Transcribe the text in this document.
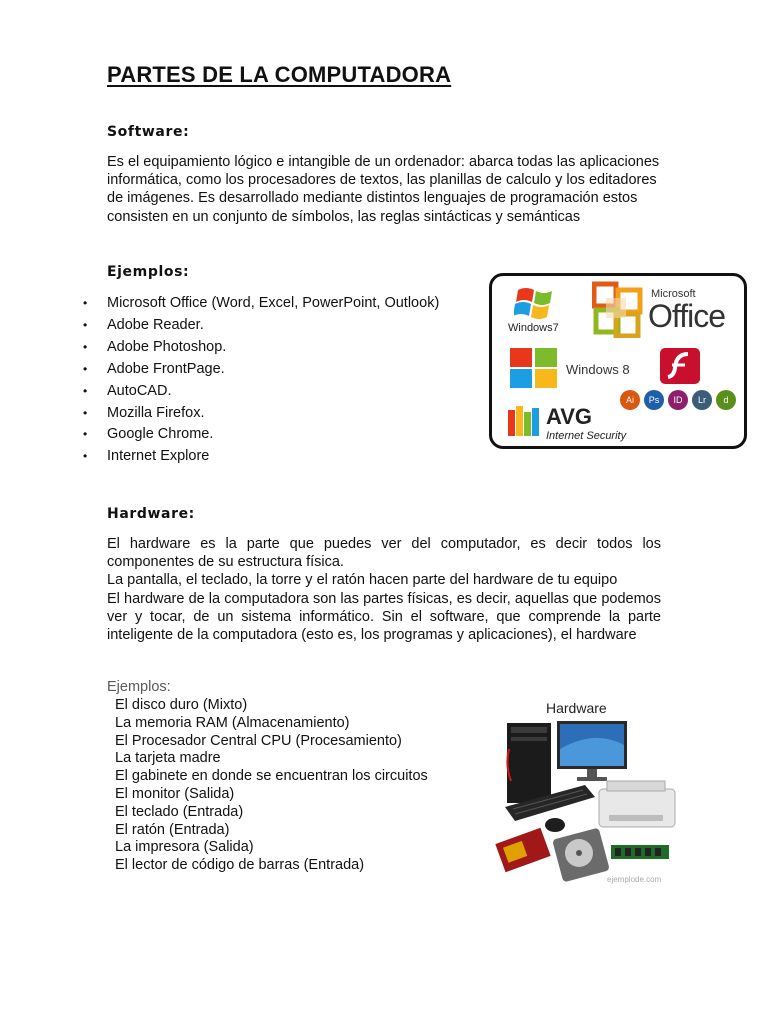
PARTES DE LA COMPUTADORA
Software:

Es el equipamiento lógico e intangible de un ordenador: abarca todas las aplicaciones informática, como los procesadores de textos, las planillas de calculo y los editadores de imágenes. Es desarrollado mediante distintos lenguajes de programación estos consisten en un conjunto de símbolos, las reglas sintácticas y semánticas

Ejemplos:
• Microsoft Office (Word, Excel, PowerPoint, Outlook)
• Adobe Reader.
• Adobe Photoshop.
• Adobe FrontPage.
• AutoCAD.
• Mozilla Firefox.
• Google Chrome.
• Internet Explore
Windows7
Microsoft
Office
Windows 8
Ai	Ps	ID	Lr	d
AVG
Internet Security
Hardware:

El hardware es la parte que puedes ver del computador, es decir todos los componentes de su estructura física.

La pantalla, el teclado, la torre y el ratón hacen parte del hardware de tu equipo

El hardware de la computadora son las partes físicas, es decir, aquellas que podemos ver y tocar, de un sistema informático. Sin el software, que comprende la parte inteligente de la computadora (esto es, los programas y aplicaciones), el hardware

Ejemplos:

El disco duro (Mixto)
La memoria RAM (Almacenamiento)
El Procesador Central CPU (Procesamiento)
La tarjeta madre
El gabinete en donde se encuentran los circuitos
El monitor (Salida)
El teclado (Entrada)
El ratón (Entrada)
La impresora (Salida)
El lector de código de barras (Entrada)
Hardware
ejemplode.com
